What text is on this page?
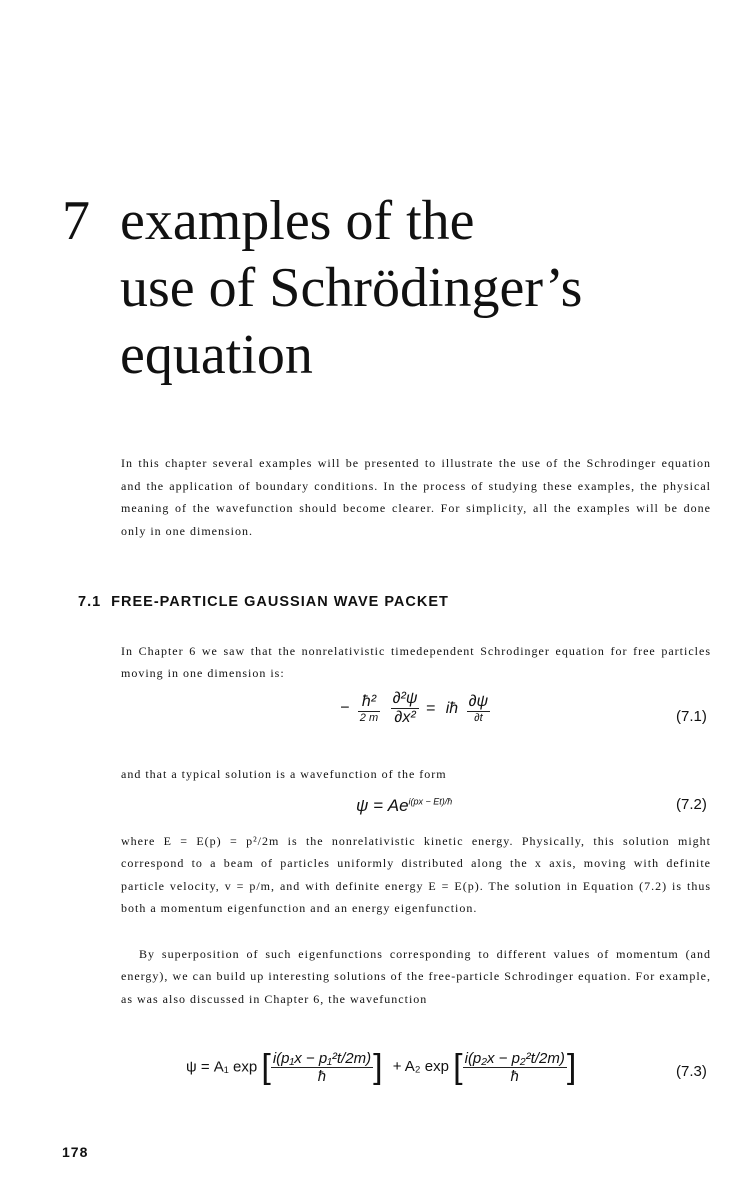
7 examples of the
use of Schrödinger’s
equation

In this chapter several examples will be presented to illustrate the use of the Schrodinger equation and the application of boundary conditions. In the process of studying these examples, the physical meaning of the wavefunction should become clearer. For simplicity, all the examples will be done only in one dimension.

7.1 FREE-PARTICLE GAUSSIAN WAVE PACKET

In Chapter 6 we saw that the nonrelativistic timedependent Schrodinger equation for free particles moving in one dimension is:

− $\frac{\text{ħ²}}{2 m}$
$\frac{\text{∂²ψ}}{\text{∂x²}}$ = iħ $\frac{\partial\psi}{\partial t}$	(7.1)

and that a typical solution is a wavefunction of the form

$\psi = Ae^{i(px - Et)/ħ}$	(7.2)

where E = E(p) = p²/2m is the nonrelativistic kinetic energy. Physically, this solution might correspond to a beam of particles uniformly distributed along the x axis, moving with definite particle velocity, v = p/m, and with definite energy E = E(p). The solution in Equation (7.2) is thus both a momentum eigenfunction and an energy eigenfunction.

By superposition of such eigenfunctions corresponding to different values of momentum (and energy), we can build up interesting solutions of the free-particle Schrodinger equation. For example, as was also discussed in Chapter 6, the wavefunction

ψ = A₁ exp [ $\frac{\text{i(p₁x − p₁²t/2m)}}{ħ}$ ] + A₂ exp [ $\frac{\text{i(p₂x − p₂²t/2m)}}{ħ}$ ]	(7.3)
178
